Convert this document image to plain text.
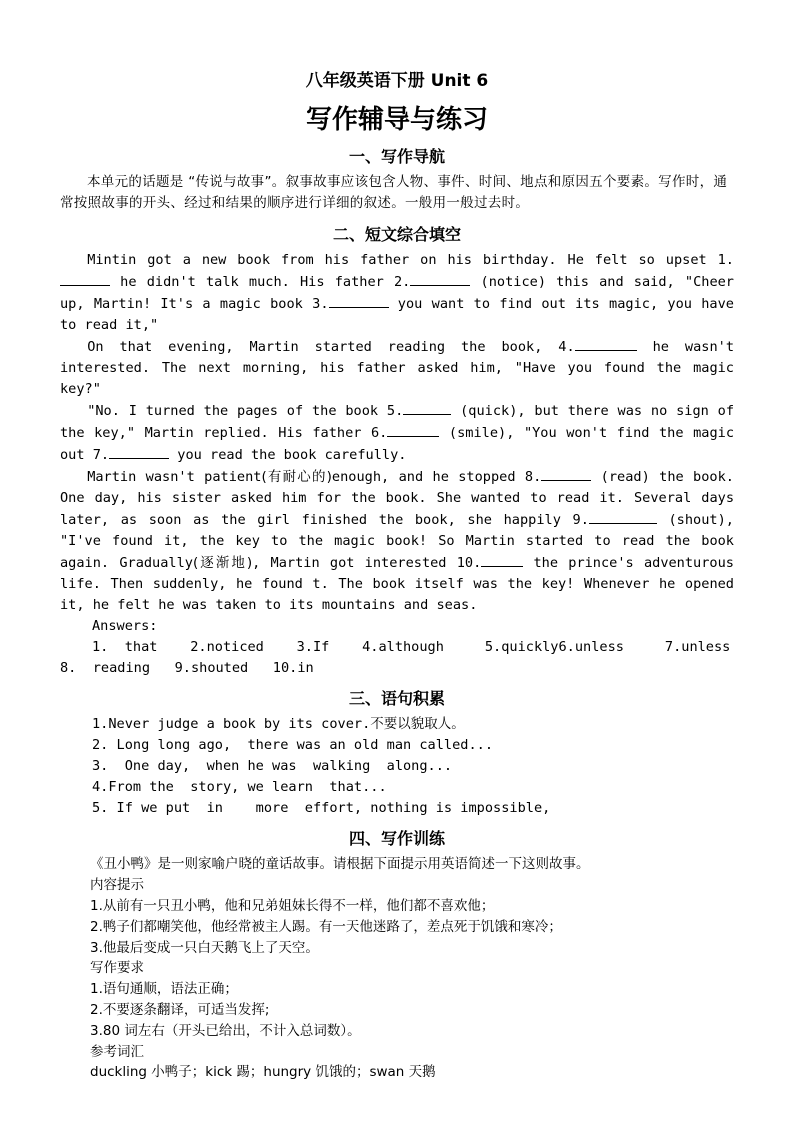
八年级英语下册 Unit 6
写作辅导与练习
一、写作导航

本单元的话题是 “传说与故事”。叙事故事应该包含人物、事件、时间、地点和原因五个要素。写作时，通常按照故事的开头、经过和结果的顺序进行详细的叙述。一般用一般过去时。

二、短文综合填空

Mintin got a new book from his father on his birthday. He felt so upset 1. he didn't talk much. His father 2.	(notice) this and said, "Cheer up, Martin! It's a magic book 3.	you want to find out its magic, you have to read it,"

On that evening, Martin started reading the book, 4.	he wasn't interested. The next morning, his father asked him, "Have you found the magic key?"

"No. I turned the pages of the book 5.	(quick), but there was no sign of the key," Martin replied. His father 6.	(smile), "You won't find the magic out 7.	you read the book carefully.

Martin wasn't patient(有耐心的)enough, and he stopped 8.	(read) the book. One day, his sister asked him for the book. She wanted to read it. Several days later, as soon as the girl finished the book, she happily 9.	(shout), "I've found it, the key to the magic book! So Martin started to read the book again. Gradually(逐渐地), Martin got interested 10.	the prince's adventurous life. Then suddenly, he found t. The book itself was the key! Whenever he opened it, he felt he was taken to its mountains and seas.

Answers:
1.  that    2.noticed    3.If    4.although     5.quickly6.unless     7.unless
8.  reading   9.shouted   10.in
三、语句积累
1.Never judge a book by its cover.不要以貌取人。
2. Long long ago,  there was an old man called...
3.  One day,  when he was  walking  along...
4.From the  story, we learn  that...
5. If we put  in    more  effort, nothing is impossible,
四、写作训练
《丑小鸭》是一则家喻户晓的童话故事。请根据下面提示用英语简述一下这则故事。
内容提示
1.从前有一只丑小鸭，他和兄弟姐妹长得不一样，他们都不喜欢他；
2.鸭子们都嘲笑他，他经常被主人踢。有一天他迷路了，差点死于饥饿和寒冷；
3.他最后变成一只白天鹅飞上了天空。
写作要求
1.语句通顺，语法正确；
2.不要逐条翻译，可适当发挥;
3.80 词左右（开头已给出，不计入总词数）。
参考词汇
duckling 小鸭子；kick 踢；hungry 饥饿的；swan 天鹅
